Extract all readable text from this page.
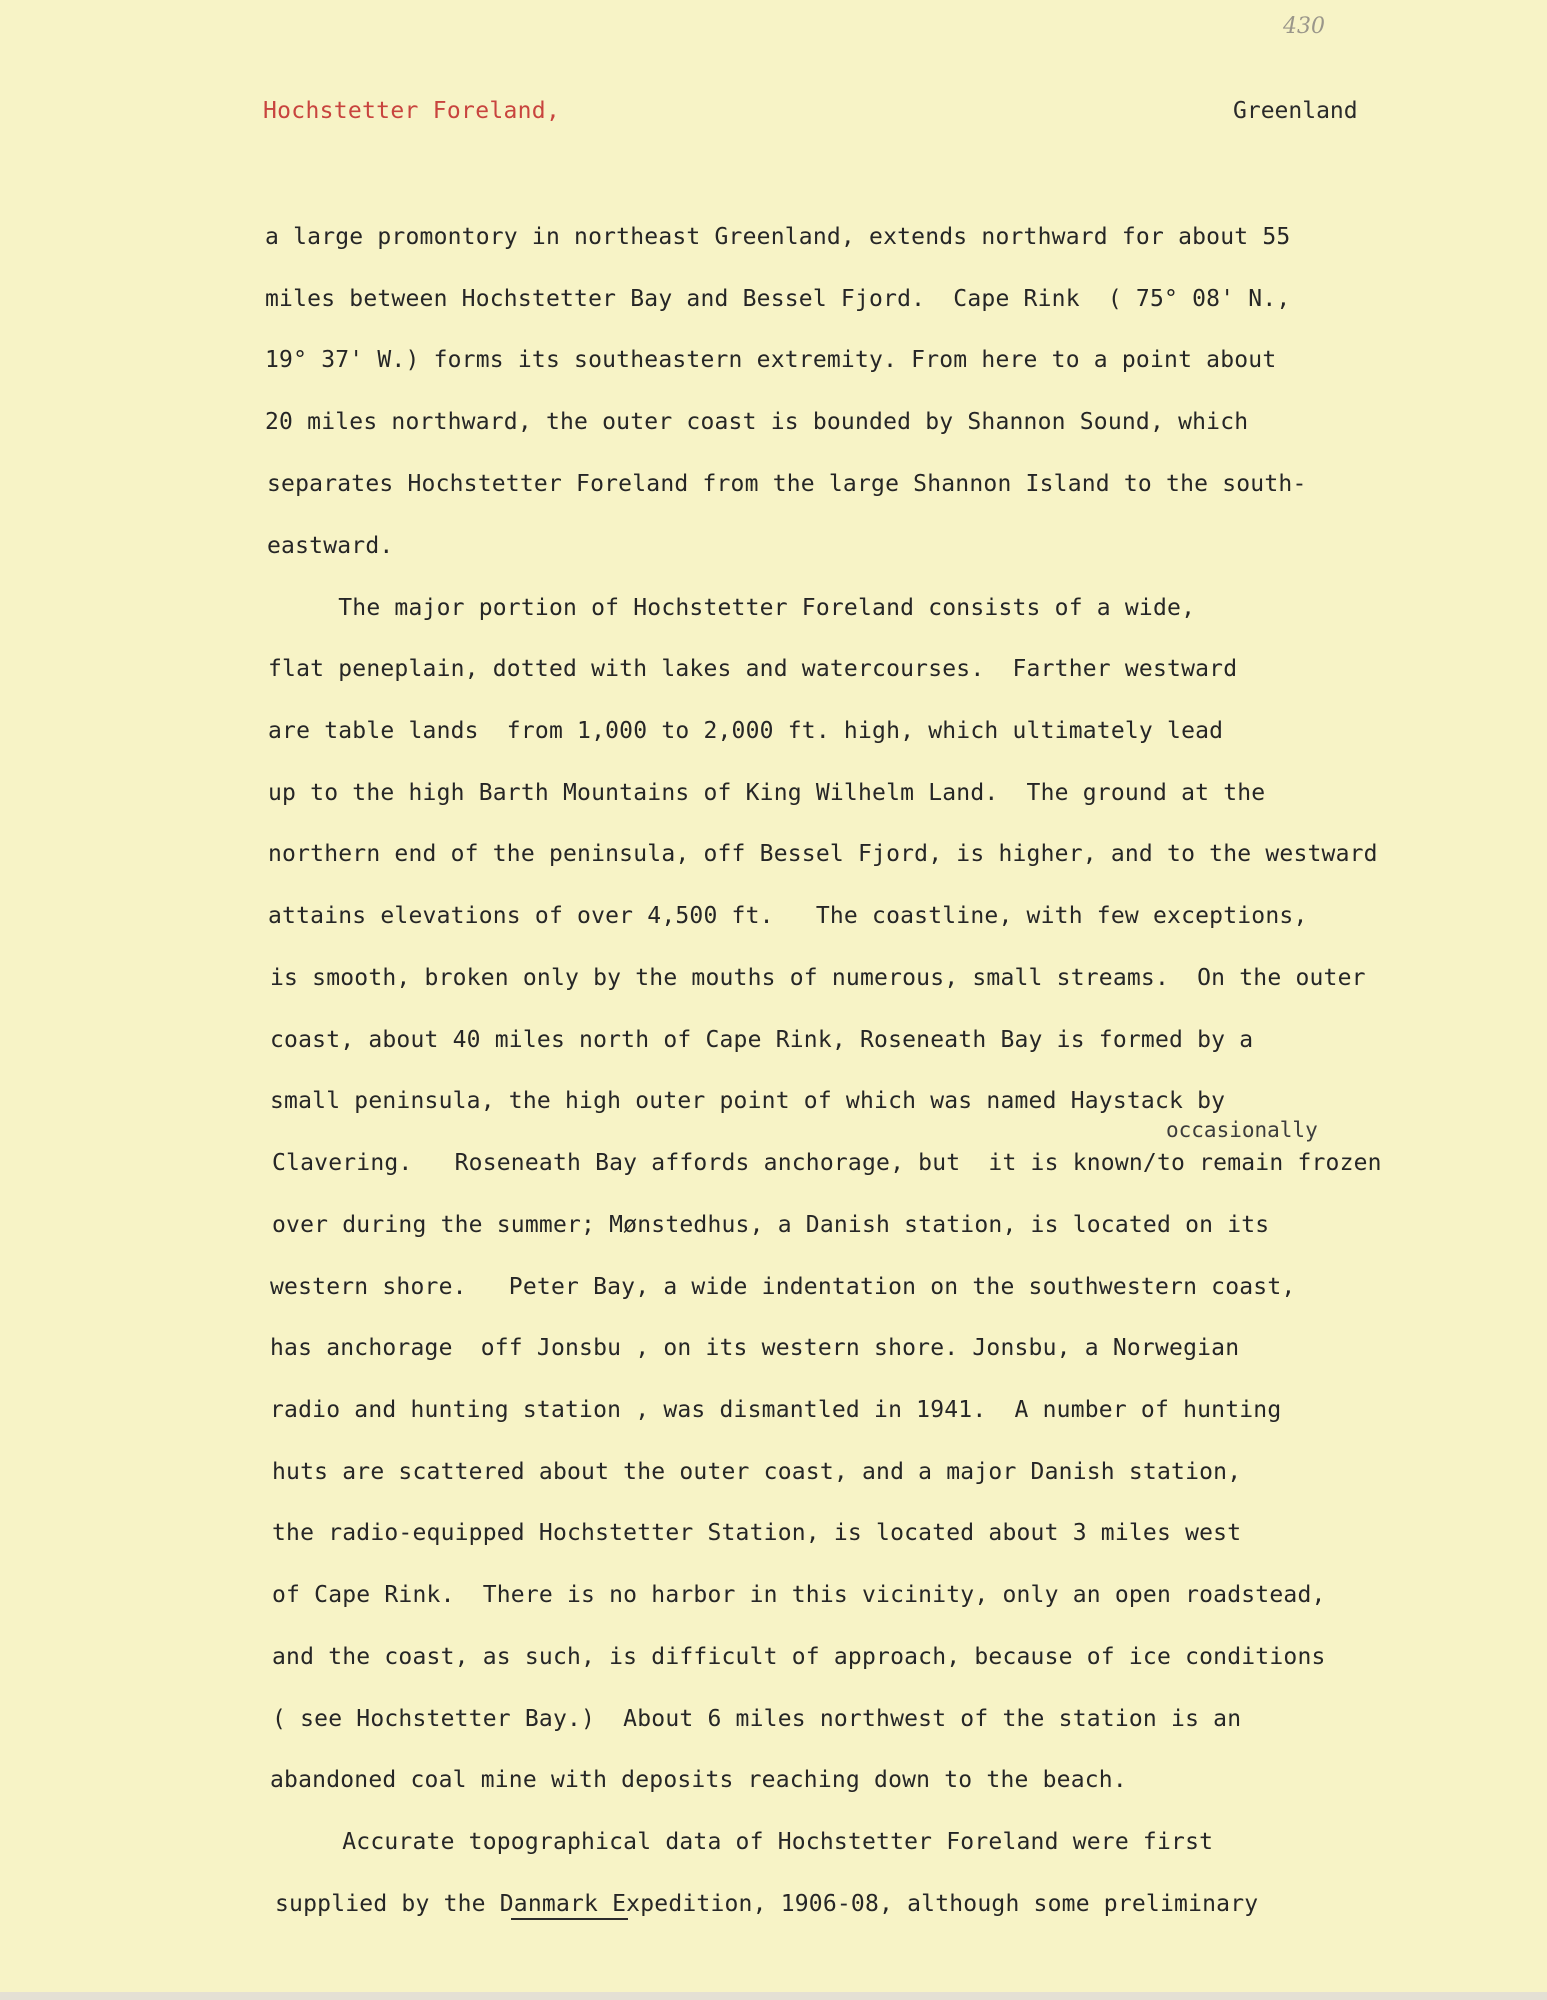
430
Hochstetter Foreland,	Greenland
occasionally
a large promontory in northeast Greenland, extends northward for about 55
miles between Hochstetter Bay and Bessel Fjord.  Cape Rink  ( 75° 08' N.,
19° 37' W.) forms its southeastern extremity. From here to a point about
20 miles northward, the outer coast is bounded by Shannon Sound, which
separates Hochstetter Foreland from the large Shannon Island to the south-
eastward.
The major portion of Hochstetter Foreland consists of a wide,
flat peneplain, dotted with lakes and watercourses.  Farther westward
are table lands  from 1,000 to 2,000 ft. high, which ultimately lead
up to the high Barth Mountains of King Wilhelm Land.  The ground at the
northern end of the peninsula, off Bessel Fjord, is higher, and to the westward
attains elevations of over 4,500 ft.   The coastline, with few exceptions,
is smooth, broken only by the mouths of numerous, small streams.  On the outer
coast, about 40 miles north of Cape Rink, Roseneath Bay is formed by a
small peninsula, the high outer point of which was named Haystack by
Clavering.   Roseneath Bay affords anchorage, but  it is known/to remain frozen
over during the summer; Mønstedhus, a Danish station, is located on its
western shore.   Peter Bay, a wide indentation on the southwestern coast,
has anchorage  off Jonsbu , on its western shore. Jonsbu, a Norwegian
radio and hunting station , was dismantled in 1941.  A number of hunting
huts are scattered about the outer coast, and a major Danish station,
the radio-equipped Hochstetter Station, is located about 3 miles west
of Cape Rink.  There is no harbor in this vicinity, only an open roadstead,
and the coast, as such, is difficult of approach, because of ice conditions
( see Hochstetter Bay.)  About 6 miles northwest of the station is an
abandoned coal mine with deposits reaching down to the beach.
Accurate topographical data of Hochstetter Foreland were first
supplied by the Danmark Expedition, 1906-08, although some preliminary
